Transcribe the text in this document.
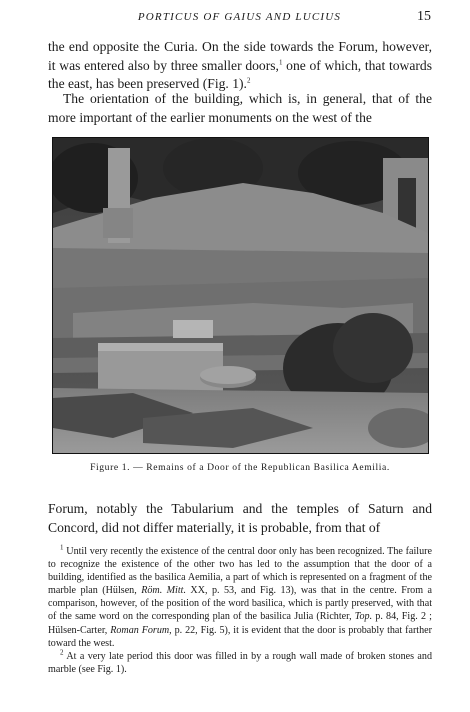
PORTICUS OF GAIUS AND LUCIUS	15

the end opposite the Curia. On the side towards the Forum, however, it was entered also by three smaller doors,$^1$ one of which, that towards the east, has been preserved (Fig. 1).$^2$

The orientation of the building, which is, in general, that of the more important of the earlier monuments on the west of the

Figure 1. — Remains of a Door of the Republican Basilica Aemilia.

Forum, notably the Tabularium and the temples of Saturn and Concord, did not differ materially, it is probable, from that of

$^1$ Until very recently the existence of the central door only has been recognized. The failure to recognize the existence of the other two has led to the assumption that the door of a building, identified as the basilica Aemilia, a part of which is represented on a fragment of the marble plan (Hülsen, Röm. Mitt. XX, p. 53, and Fig. 13), was that in the centre. From a comparison, however, of the position of the word basilica, which is partly preserved, with that of the same word on the corresponding plan of the basilica Julia (Richter, Top. p. 84, Fig. 2 ; Hülsen-Carter, Roman Forum, p. 22, Fig. 5), it is evident that the door is probably that farther toward the west.

$^2$ At a very late period this door was filled in by a rough wall made of broken stones and marble (see Fig. 1).
